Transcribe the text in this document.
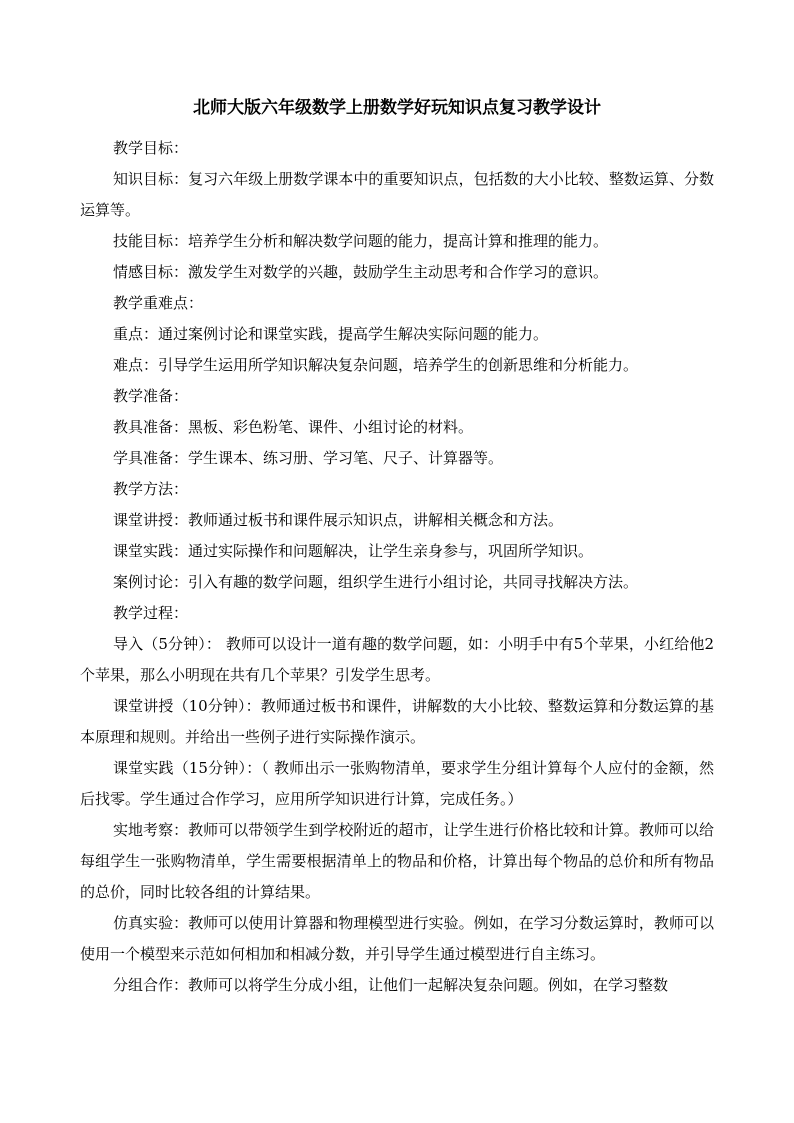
北师大版六年级数学上册数学好玩知识点复习教学设计

教学目标：

知识目标：复习六年级上册数学课本中的重要知识点，包括数的大小比较、整数运算、分数运算等。

技能目标：培养学生分析和解决数学问题的能力，提高计算和推理的能力。

情感目标：激发学生对数学的兴趣，鼓励学生主动思考和合作学习的意识。

教学重难点：

重点：通过案例讨论和课堂实践，提高学生解决实际问题的能力。

难点：引导学生运用所学知识解决复杂问题，培养学生的创新思维和分析能力。

教学准备：

教具准备：黑板、彩色粉笔、课件、小组讨论的材料。

学具准备：学生课本、练习册、学习笔、尺子、计算器等。

教学方法：

课堂讲授：教师通过板书和课件展示知识点，讲解相关概念和方法。

课堂实践：通过实际操作和问题解决，让学生亲身参与，巩固所学知识。

案例讨论：引入有趣的数学问题，组织学生进行小组讨论，共同寻找解决方法。

教学过程：

导入（5分钟）： 教师可以设计一道有趣的数学问题，如：小明手中有5个苹果，小红给他2个苹果，那么小明现在共有几个苹果？引发学生思考。

课堂讲授（10分钟）：教师通过板书和课件，讲解数的大小比较、整数运算和分数运算的基本原理和规则。并给出一些例子进行实际操作演示。

课堂实践（15分钟）：（ 教师出示一张购物清单，要求学生分组计算每个人应付的金额，然后找零。学生通过合作学习，应用所学知识进行计算，完成任务。）

实地考察：教师可以带领学生到学校附近的超市，让学生进行价格比较和计算。教师可以给每组学生一张购物清单，学生需要根据清单上的物品和价格，计算出每个物品的总价和所有物品的总价，同时比较各组的计算结果。

仿真实验：教师可以使用计算器和物理模型进行实验。例如，在学习分数运算时，教师可以使用一个模型来示范如何相加和相减分数，并引导学生通过模型进行自主练习。

分组合作：教师可以将学生分成小组，让他们一起解决复杂问题。例如，在学习整数
